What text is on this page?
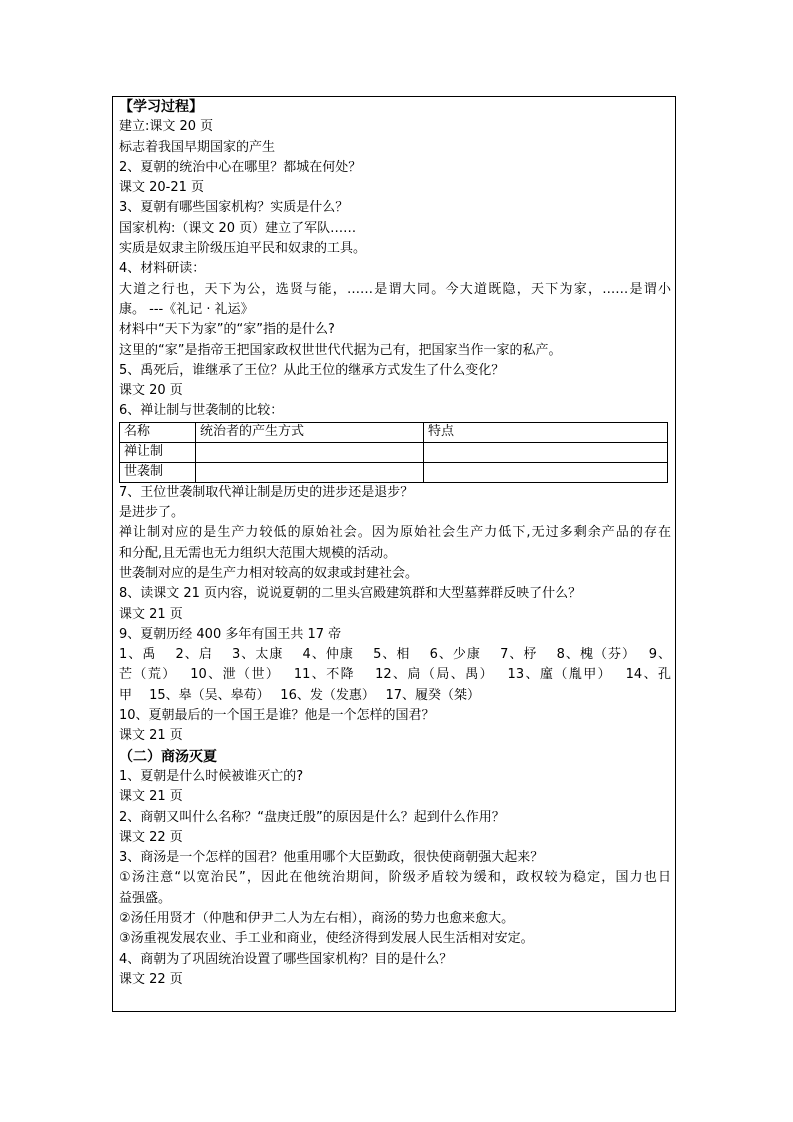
【学习过程】
建立:课文 20 页
标志着我国早期国家的产生
2、夏朝的统治中心在哪里？都城在何处？
课文 20-21 页
3、夏朝有哪些国家机构？实质是什么？
国家机构:（课文 20 页）建立了军队……
实质是奴隶主阶级压迫平民和奴隶的工具。
4、材料研读：
大道之行也，天下为公，选贤与能，……是谓大同。今大道既隐，天下为家，……是谓小
康。 ---《礼记 · 礼运》
材料中“天下为家”的“家”指的是什么?
这里的“家”是指帝王把国家政权世世代代据为己有，把国家当作一家的私产。
5、禹死后，谁继承了王位？从此王位的继承方式发生了什么变化？
课文 20 页
6、禅让制与世袭制的比较：
名称	统治者的产生方式	特点
禅让制		
世袭制		
7、王位世袭制取代禅让制是历史的进步还是退步？
是进步了。
禅让制对应的是生产力较低的原始社会。因为原始社会生产力低下,无过多剩余产品的存在
和分配,且无需也无力组织大范围大规模的活动。
世袭制对应的是生产力相对较高的奴隶或封建社会。
8、读课文 21 页内容，说说夏朝的二里头宫殿建筑群和大型墓葬群反映了什么？
课文 21 页
9、夏朝历经 400 多年有国王共 17 帝
1、禹　 2、启　 3、太康　 4、仲康　 5、相　 6、少康　 7、杼　 8、槐（芬）　 9、
芒（荒）　 10、泄（世）　 11、不降　 12、扃（局、禺）　 13、廑（胤甲）　 14、孔
甲　 15、皋（吴、皋苟）　 16、发（发惠）　 17、履癸（桀）
10、夏朝最后的一个国王是谁？他是一个怎样的国君？
课文 21 页
（二）商汤灭夏
1、夏朝是什么时候被谁灭亡的?
课文 21 页
2、商朝又叫什么名称？“盘庚迁殷”的原因是什么？起到什么作用？
课文 22 页
3、商汤是一个怎样的国君？他重用哪个大臣勤政，很快使商朝强大起来？
①汤注意“以宽治民”，因此在他统治期间，阶级矛盾较为缓和，政权较为稳定，国力也日
益强盛。
②汤任用贤才（仲虺和伊尹二人为左右相），商汤的势力也愈来愈大。
③汤重视发展农业、手工业和商业，使经济得到发展人民生活相对安定。
4、商朝为了巩固统治设置了哪些国家机构？目的是什么？
课文 22 页
